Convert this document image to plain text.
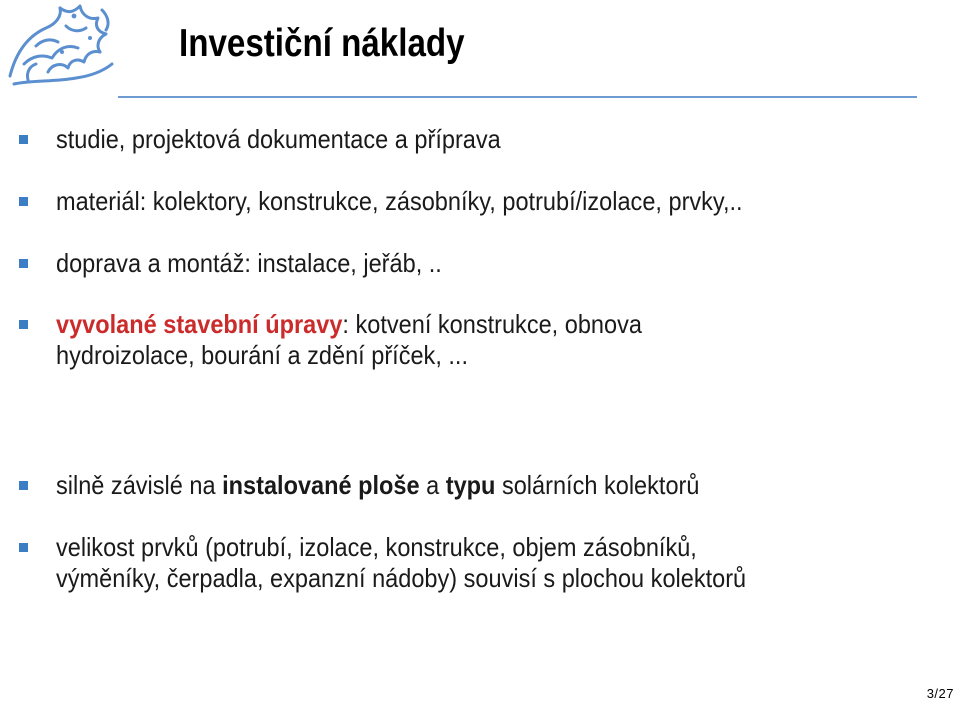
Investiční náklady

studie, projektová dokumentace a příprava

materiál: kolektory, konstrukce, zásobníky, potrubí/izolace, prvky,..

doprava a montáž: instalace, jeřáb, ..

vyvolané stavební úpravy: kotvení konstrukce, obnova
hydroizolace, bourání a zdění příček, ...

silně závislé na instalované ploše a typu solárních kolektorů

velikost prvků (potrubí, izolace, konstrukce, objem zásobníků,
výměníky, čerpadla, expanzní nádoby) souvisí s plochou kolektorů

3/27
